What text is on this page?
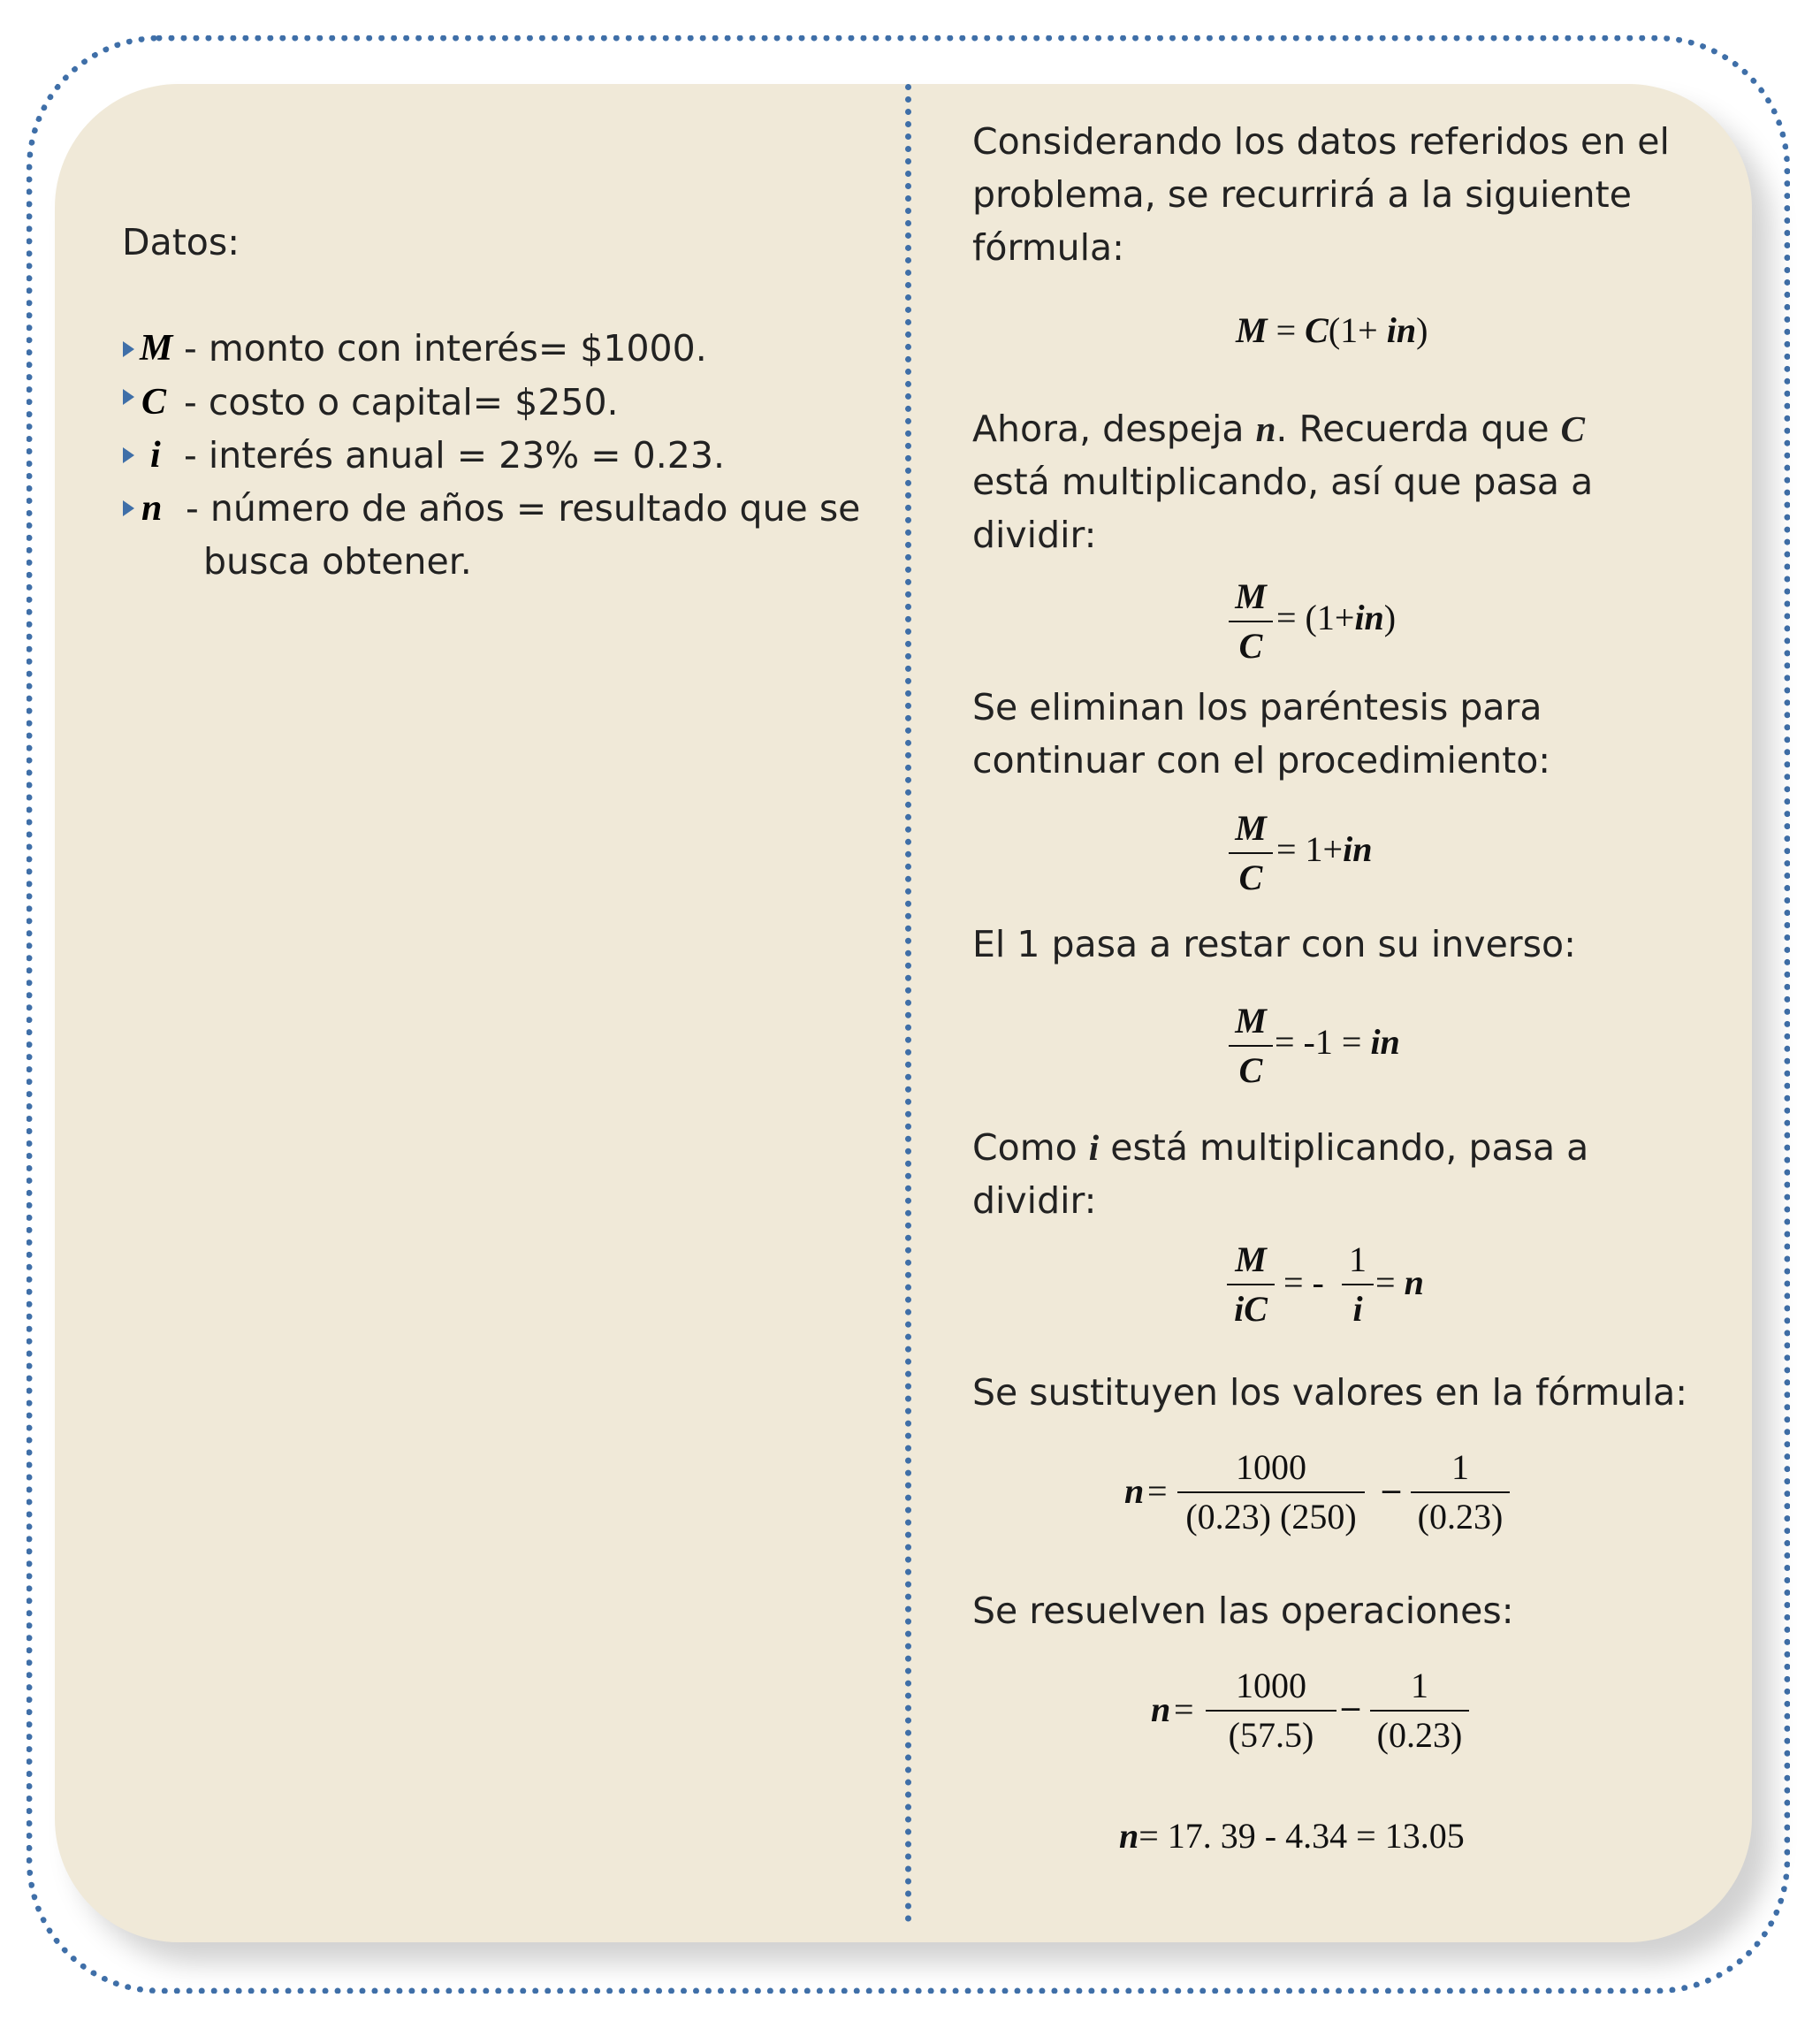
Datos:
M - monto con interés= $1000.
C - costo o capital= $250.
i - interés anual = 23% = 0.23.
n - número de años = resultado que se
busca obtener.
Considerando los datos referidos en el
problema, se recurrirá a la siguiente
fórmula:
M = C(1+ in)
Ahora, despeja n. Recuerda que C
está multiplicando, así que pasa a
dividir:
M
C
= (1+in)
Se eliminan los paréntesis para
continuar con el procedimiento:
M
C
= 1+in
El 1 pasa a restar con su inverso:
M
C
= -1 = in
Como i está multiplicando, pasa a
dividir:
M
iC
= -
1
i
= n
Se sustituyen los valores en la fórmula:
n =
1000
(0.23) (250)
–
1
(0.23)
Se resuelven las operaciones:
n =
1000
(57.5)
–
1
(0.23)
n= 17. 39 - 4.34 = 13.05
